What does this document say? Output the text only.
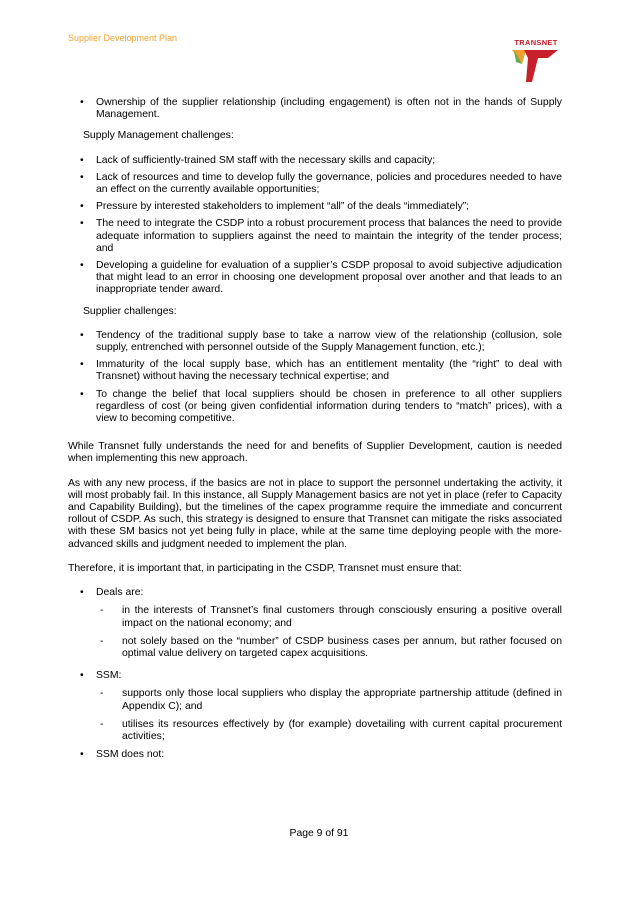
Supplier Development Plan	TRANSNET
• Ownership of the supplier relationship (including engagement) is often not in the hands of Supply Management.
Supply Management challenges:
• Lack of sufficiently-trained SM staff with the necessary skills and capacity;
• Lack of resources and time to develop fully the governance, policies and procedures needed to have an effect on the currently available opportunities;
• Pressure by interested stakeholders to implement “all” of the deals “immediately”;
• The need to integrate the CSDP into a robust procurement process that balances the need to provide adequate information to suppliers against the need to maintain the integrity of the tender process; and
• Developing a guideline for evaluation of a supplier’s CSDP proposal to avoid subjective adjudication that might lead to an error in choosing one development proposal over another and that leads to an inappropriate tender award.
Supplier challenges:
• Tendency of the traditional supply base to take a narrow view of the relationship (collusion, sole supply, entrenched with personnel outside of the Supply Management function, etc.);
• Immaturity of the local supply base, which has an entitlement mentality (the “right” to deal with Transnet) without having the necessary technical expertise; and
• To change the belief that local suppliers should be chosen in preference to all other suppliers regardless of cost (or being given confidential information during tenders to “match” prices), with a view to becoming competitive.

While Transnet fully understands the need for and benefits of Supplier Development, caution is needed when implementing this new approach.

As with any new process, if the basics are not in place to support the personnel undertaking the activity, it will most probably fail. In this instance, all Supply Management basics are not yet in place (refer to Capacity and Capability Building), but the timelines of the capex programme require the immediate and concurrent rollout of CSDP. As such, this strategy is designed to ensure that Transnet can mitigate the risks associated with these SM basics not yet being fully in place, while at the same time deploying people with the more-advanced skills and judgment needed to implement the plan.

Therefore, it is important that, in participating in the CSDP, Transnet must ensure that:

• Deals are:
- in the interests of Transnet’s final customers through consciously ensuring a positive overall impact on the national economy; and
- not solely based on the “number” of CSDP business cases per annum, but rather focused on optimal value delivery on targeted capex acquisitions.
• SSM:
- supports only those local suppliers who display the appropriate partnership attitude (defined in Appendix C); and
- utilises its resources effectively by (for example) dovetailing with current capital procurement activities;
• SSM does not:
Page 9 of 91
